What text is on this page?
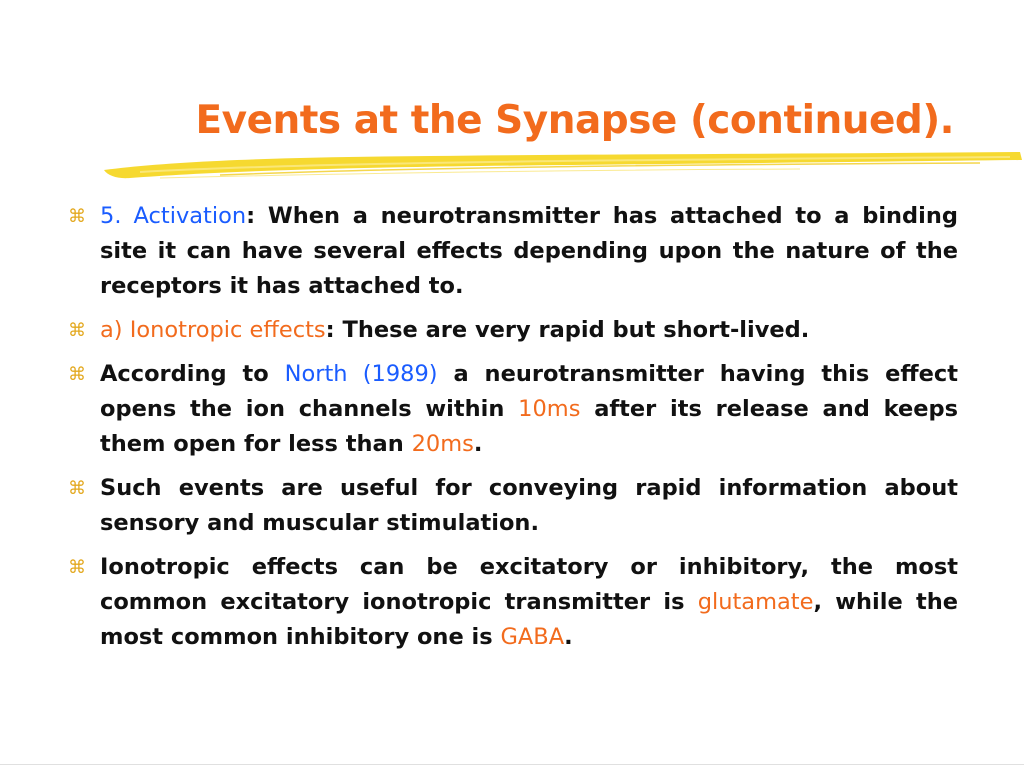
Events at the Synapse (continued).
⌘ 5. Activation: When a neurotransmitter has attached to a binding site it can have several effects depending upon the nature of the receptors it has attached to.
⌘ a) Ionotropic effects: These are very rapid but short-lived.
⌘ According to North (1989) a neurotransmitter having this effect opens the ion channels within 10ms after its release and keeps them open for less than 20ms.
⌘ Such events are useful for conveying rapid information about sensory and muscular stimulation.
⌘ Ionotropic effects can be excitatory or inhibitory, the most common excitatory ionotropic transmitter is glutamate, while the most common inhibitory one is GABA.
